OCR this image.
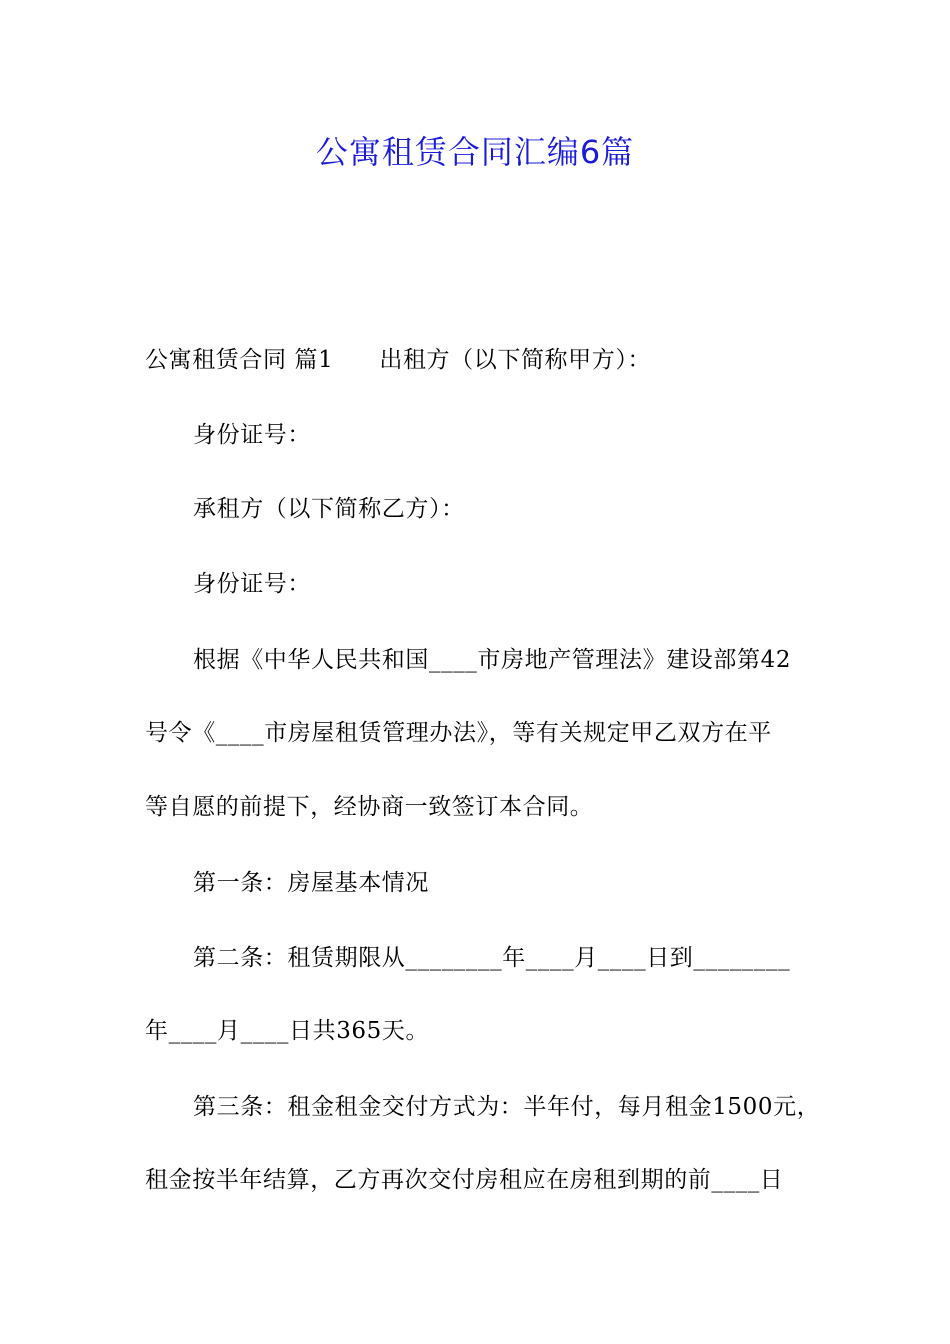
公寓租赁合同汇编6篇
公寓租赁合同 篇1 出租方（以下简称甲方）：
身份证号：
承租方（以下简称乙方）：
身份证号：
根据《中华人民共和国____市房地产管理法》建设部第42
号令《____市房屋租赁管理办法》，等有关规定甲乙双方在平
等自愿的前提下，经协商一致签订本合同。
第一条：房屋基本情况
第二条：租赁期限从________年____月____日到________
年____月____日共365天。
第三条：租金租金交付方式为：半年付，每月租金1500元，
租金按半年结算，乙方再次交付房租应在房租到期的前____日
